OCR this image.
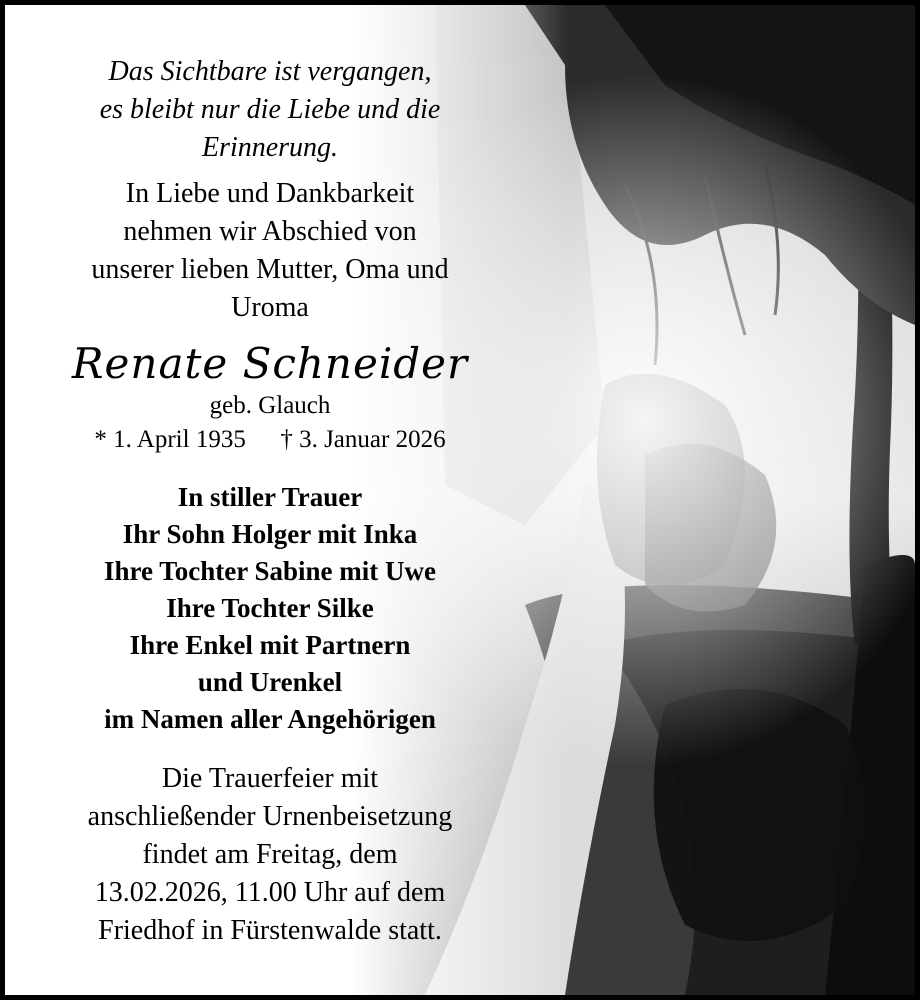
Das Sichtbare ist vergangen,
es bleibt nur die Liebe und die
Erinnerung.
In Liebe und Dankbarkeit
nehmen wir Abschied von
unserer lieben Mutter, Oma und
Uroma
Renate Schneider
geb. Glauch
* 1. April 1935 † 3. Januar 2026
In stiller Trauer
Ihr Sohn Holger mit Inka
Ihre Tochter Sabine mit Uwe
Ihre Tochter Silke
Ihre Enkel mit Partnern
und Urenkel
im Namen aller Angehörigen
Die Trauerfeier mit
anschließender Urnenbeisetzung
findet am Freitag, dem
13.02.2026, 11.00 Uhr auf dem
Friedhof in Fürstenwalde statt.
